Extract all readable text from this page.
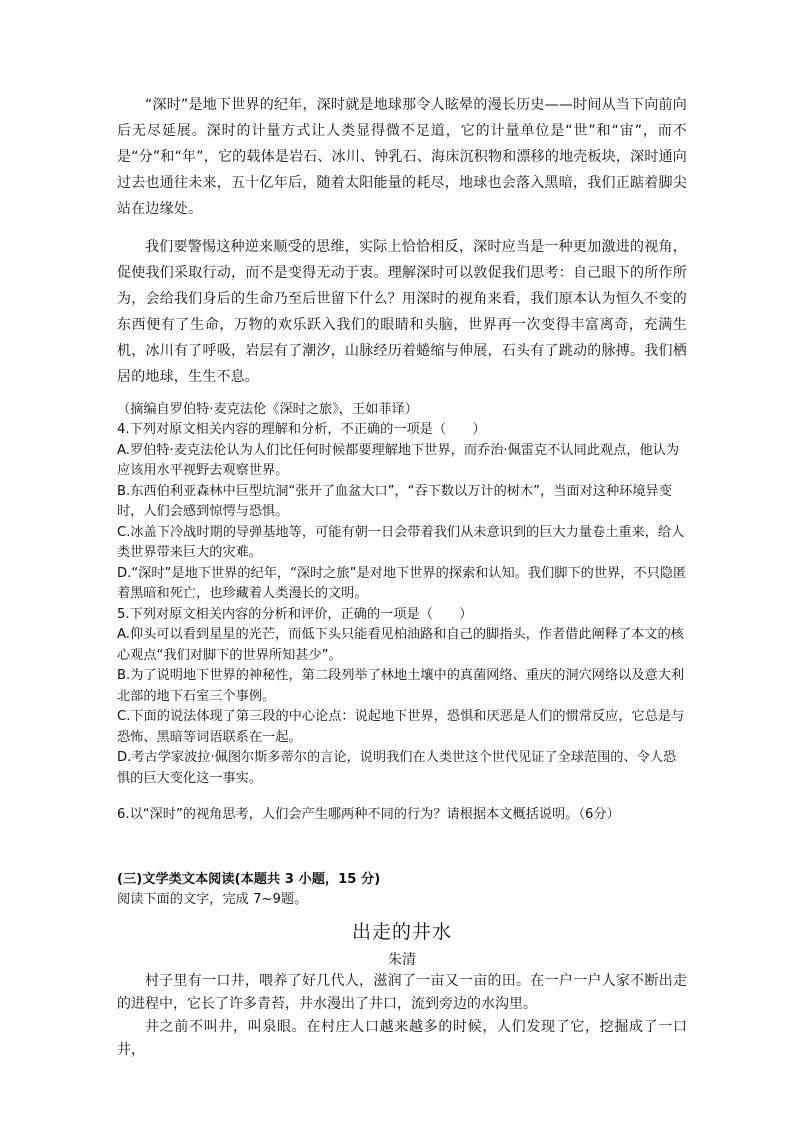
“深时”是地下世界的纪年，深时就是地球那令人眩晕的漫长历史——时间从当下向前向后无尽延展。深时的计量方式让人类显得微不足道，它的计量单位是“世”和“宙”，而不是“分”和“年”，它的载体是岩石、冰川、钟乳石、海床沉积物和漂移的地壳板块，深时通向过去也通往未来，五十亿年后，随着太阳能量的耗尽，地球也会落入黑暗，我们正踮着脚尖站在边缘处。

我们要警惕这种逆来顺受的思维，实际上恰恰相反，深时应当是一种更加激进的视角，促使我们采取行动，而不是变得无动于衷。理解深时可以敦促我们思考：自己眼下的所作所为，会给我们身后的生命乃至后世留下什么？用深时的视角来看，我们原本认为恒久不变的东西便有了生命，万物的欢乐跃入我们的眼睛和头脑，世界再一次变得丰富离奇，充满生机，冰川有了呼吸，岩层有了潮汐，山脉经历着蜷缩与伸展，石头有了跳动的脉搏。我们栖居的地球，生生不息。

（摘编自罗伯特·麦克法伦《深时之旅》，王如菲译）

4.下列对原文相关内容的理解和分析，不正确的一项是（　　）
A.罗伯特·麦克法伦认为人们比任何时候都要理解地下世界，而乔治·佩雷克不认同此观点，他认为应该用水平视野去观察世界。
B.东西伯利亚森林中巨型坑洞“张开了血盆大口”，“吞下数以万计的树木”，当面对这种环境异变时，人们会感到惊愕与恐惧。
C.冰盖下冷战时期的导弹基地等，可能有朝一日会带着我们从未意识到的巨大力量卷土重来，给人类世界带来巨大的灾难。
D.“深时”是地下世界的纪年，“深时之旅”是对地下世界的探索和认知。我们脚下的世界，不只隐匿着黑暗和死亡，也珍藏着人类漫长的文明。
5.下列对原文相关内容的分析和评价，正确的一项是（　　）
A.仰头可以看到星星的光芒，而低下头只能看见柏油路和自己的脚指头，作者借此阐释了本文的核心观点“我们对脚下的世界所知甚少”。
B.为了说明地下世界的神秘性，第二段列举了林地土壤中的真菌网络、重庆的洞穴网络以及意大利北部的地下石室三个事例。
C.下面的说法体现了第三段的中心论点：说起地下世界，恐惧和厌恶是人们的惯常反应，它总是与恐怖、黑暗等词语联系在一起。
D.考古学家波拉·佩图尔斯多蒂尔的言论，说明我们在人类世这个世代见证了全球范围的、令人恐惧的巨大变化这一事实。
6.以“深时”的视角思考，人们会产生哪两种不同的行为？请根据本文概括说明。（6分）

(三)文学类文本阅读(本题共 3 小题，15 分)

阅读下面的文字，完成 7~9题。

出走的井水

朱清

村子里有一口井，喂养了好几代人，滋润了一亩又一亩的田。在一户一户人家不断出走的进程中，它长了许多青苔，井水漫出了井口，流到旁边的水沟里。

井之前不叫井，叫泉眼。在村庄人口越来越多的时候，人们发现了它，挖掘成了一口井，
